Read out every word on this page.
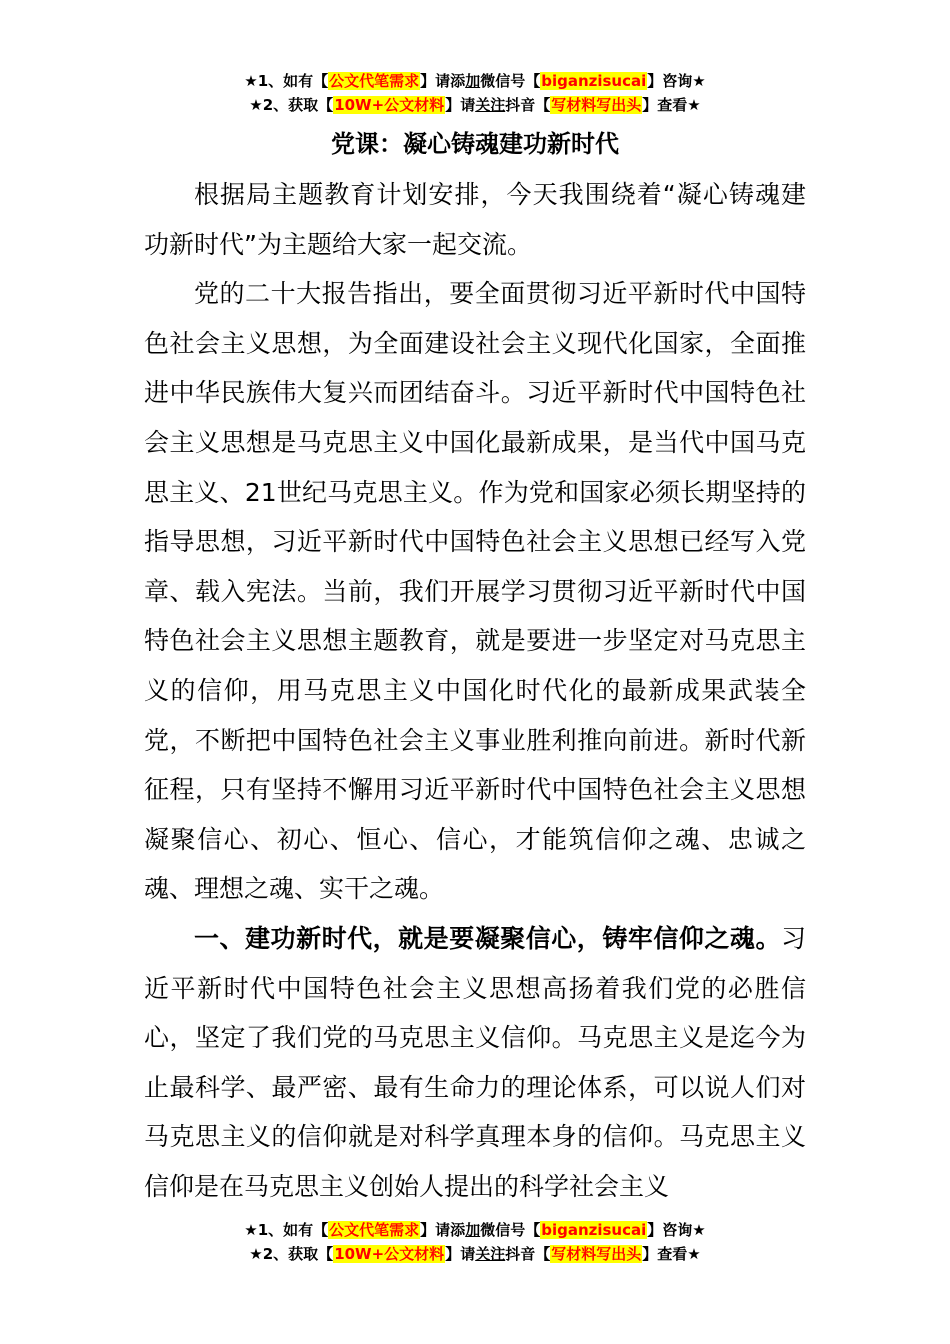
★1、如有【公文代笔需求】请添加微信号【biganzisucai】咨询★
★2、获取【10W+公文材料】请关注抖音【写材料写出头】查看★
党课：凝心铸魂建功新时代

根据局主题教育计划安排，今天我围绕着“凝心铸魂建功新时代”为主题给大家一起交流。

党的二十大报告指出，要全面贯彻习近平新时代中国特色社会主义思想，为全面建设社会主义现代化国家，全面推进中华民族伟大复兴而团结奋斗。习近平新时代中国特色社会主义思想是马克思主义中国化最新成果，是当代中国马克思主义、21世纪马克思主义。作为党和国家必须长期坚持的指导思想，习近平新时代中国特色社会主义思想已经写入党章、载入宪法。当前，我们开展学习贯彻习近平新时代中国特色社会主义思想主题教育，就是要进一步坚定对马克思主义的信仰，用马克思主义中国化时代化的最新成果武装全党，不断把中国特色社会主义事业胜利推向前进。新时代新征程，只有坚持不懈用习近平新时代中国特色社会主义思想凝聚信心、初心、恒心、信心，才能筑信仰之魂、忠诚之魂、理想之魂、实干之魂。

一、建功新时代，就是要凝聚信心，铸牢信仰之魂。习近平新时代中国特色社会主义思想高扬着我们党的必胜信心，坚定了我们党的马克思主义信仰。马克思主义是迄今为止最科学、最严密、最有生命力的理论体系，可以说人们对马克思主义的信仰就是对科学真理本身的信仰。马克思主义信仰是在马克思主义创始人提出的科学社会主义

★1、如有【公文代笔需求】请添加微信号【biganzisucai】咨询★
★2、获取【10W+公文材料】请关注抖音【写材料写出头】查看★
